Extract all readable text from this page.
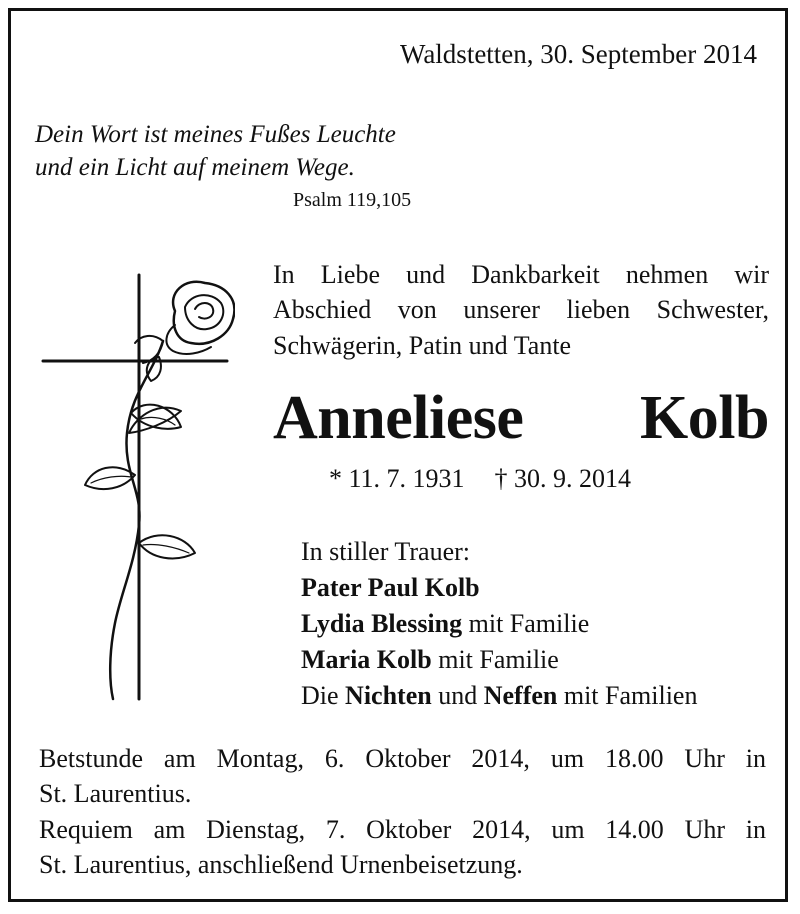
Waldstetten, 30. September 2014
Dein Wort ist meines Fußes Leuchte
und ein Licht auf meinem Wege.
Psalm 119,105
In Liebe und Dankbarkeit nehmen wir
Abschied von unserer lieben Schwester,
Schwägerin, Patin und Tante
Anneliese Kolb
* 11. 7. 1931 † 30. 9. 2014
In stiller Trauer:
Pater Paul Kolb
Lydia Blessing mit Familie
Maria Kolb mit Familie
Die Nichten und Neffen mit Familien
Betstunde am Montag, 6. Oktober 2014, um 18.00 Uhr in
St. Laurentius.
Requiem am Dienstag, 7. Oktober 2014, um 14.00 Uhr in
St. Laurentius, anschließend Urnenbeisetzung.
